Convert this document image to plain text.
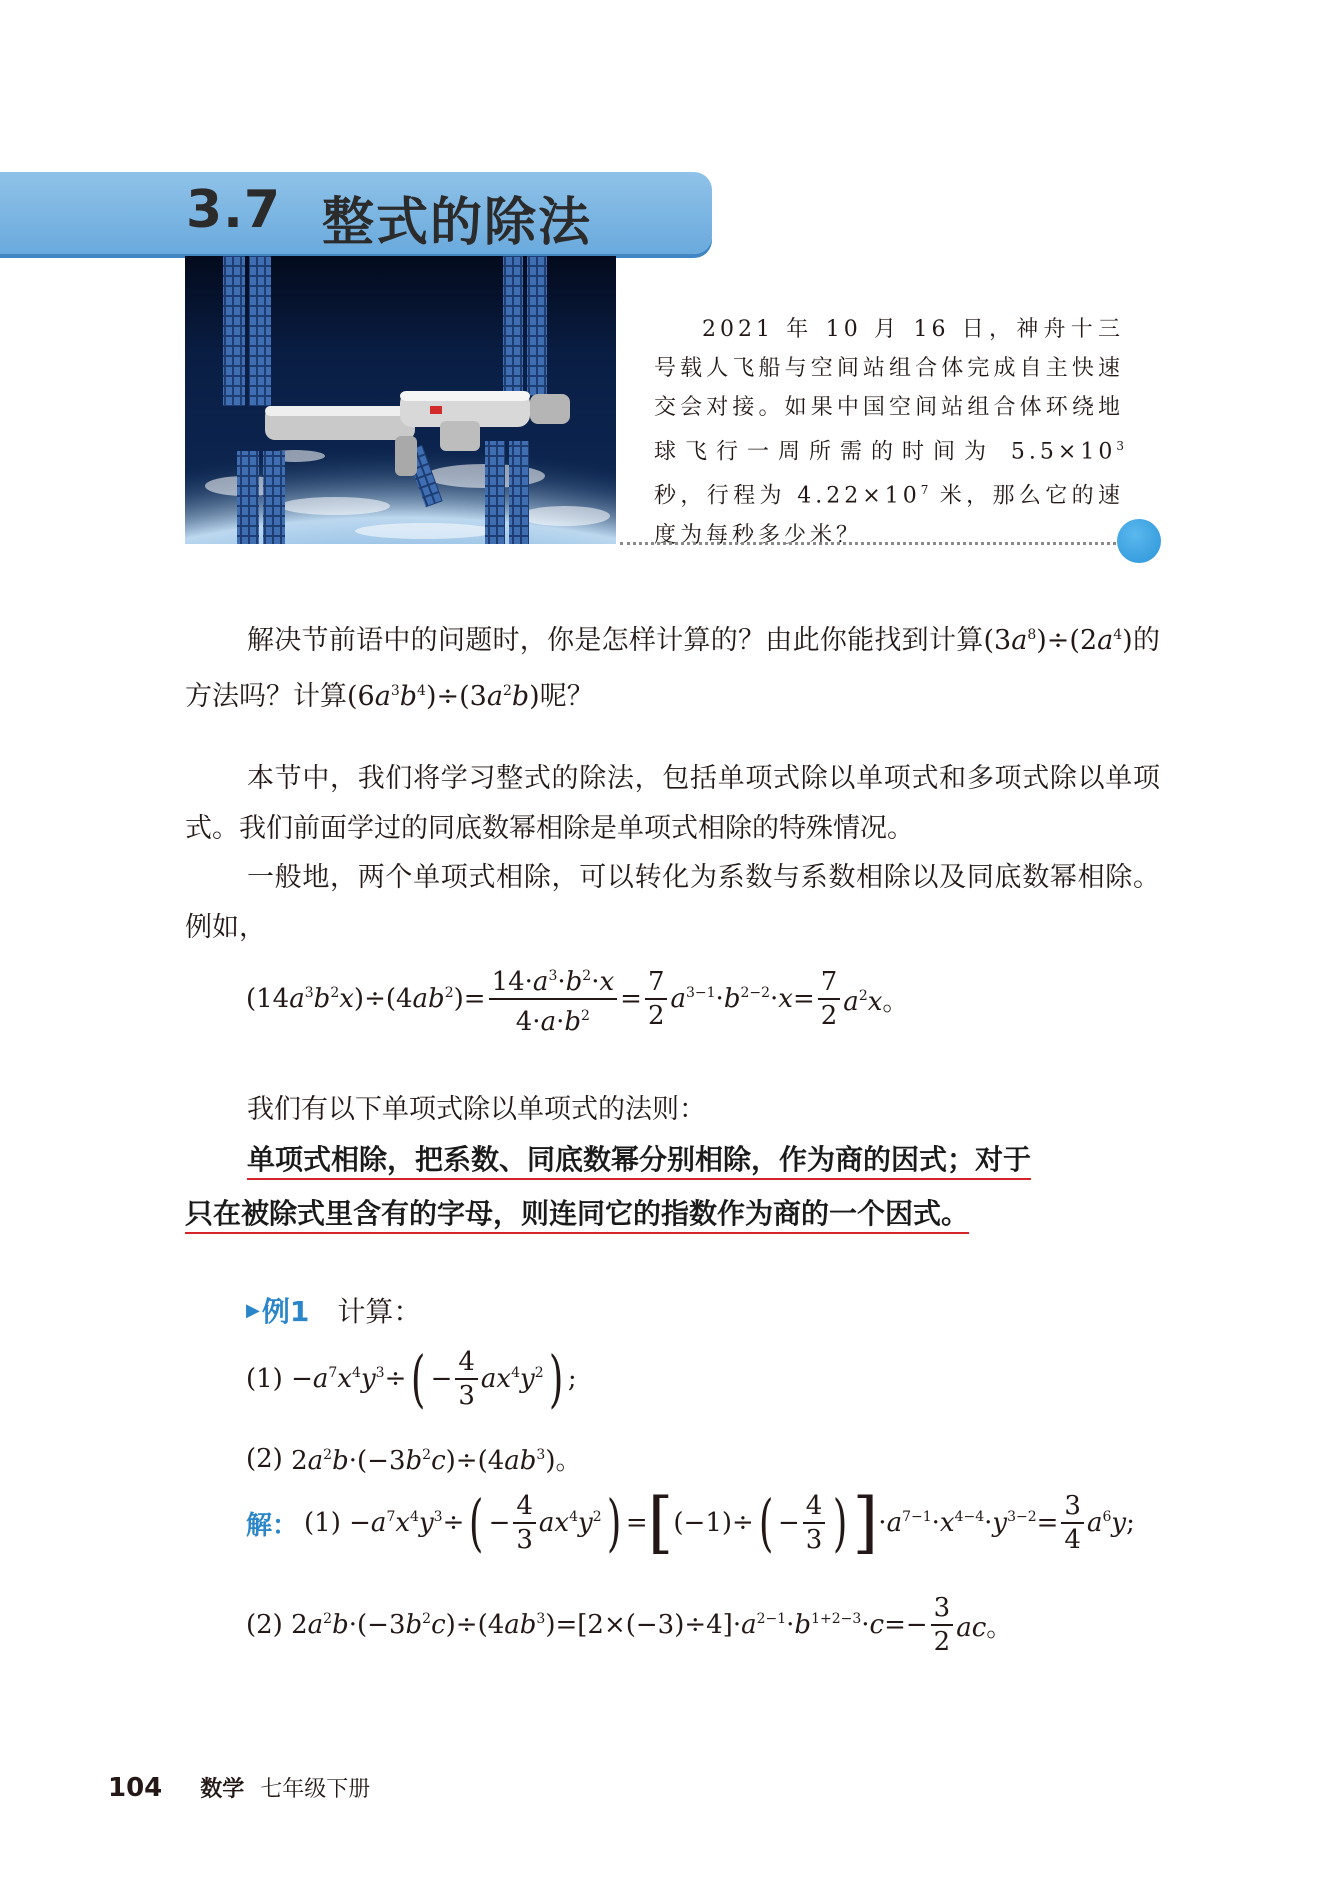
3.7 整式的除法
2021 年 10 月 16 日，神舟十三号载人飞船与空间站组合体完成自主快速交会对接。如果中国空间站组合体环绕地球飞行一周所需的时间为 $5.5\times 10^3$ 秒，行程为 $4.22\times 10^7$ 米，那么它的速度为每秒多少米？
解决节前语中的问题时，你是怎样计算的？由此你能找到计算$(3a^8)\div(2a^4)$的方法吗？计算$(6a^3b^4)\div(3a^2b)$呢？
本节中，我们将学习整式的除法，包括单项式除以单项式和多项式除以单项式。我们前面学过的同底数幂相除是单项式相除的特殊情况。
一般地，两个单项式相除，可以转化为系数与系数相除以及同底数幂相除。例如，
$(14a^3b^2x)\div(4ab^2)= \frac{14\cdot a^3\cdot b^2\cdot x}{4\cdot a\cdot b^2} = \frac{7}{2} a^{3-1}\cdot b^{2-2}\cdot x= \frac{7}{2} a^2x$。
我们有以下单项式除以单项式的法则：
单项式相除，把系数、同底数幂分别相除，作为商的因式；对于
只在被除式里含有的字母，则连同它的指数作为商的一个因式。
▶ 例1 计算：
$(1) -a^7x^4y^3\div$ ( − $\frac{4}{3} ax^4y^2$ ) ;
(2) $2a^2b\cdot(-3b^2c)\div(4ab^3)$。
解： $(1) -a^7x^4y^3\div$ ( − $\frac{4}{3} ax^4y^2$ ) = [ (−1)÷ ( − $\frac{4}{3}$ ) ] $\cdot a^{7-1}\cdot x^{4-4}\cdot y^{3-2}= \frac{3}{4} a^6y$;
(2) $2a^2b\cdot(-3b^2c)\div(4ab^3)=[2\times(-3)\div 4]\cdot a^{2-1}\cdot b^{1+2-3}\cdot c=- \frac{3}{2}$ ac。
104 数学 七年级下册
